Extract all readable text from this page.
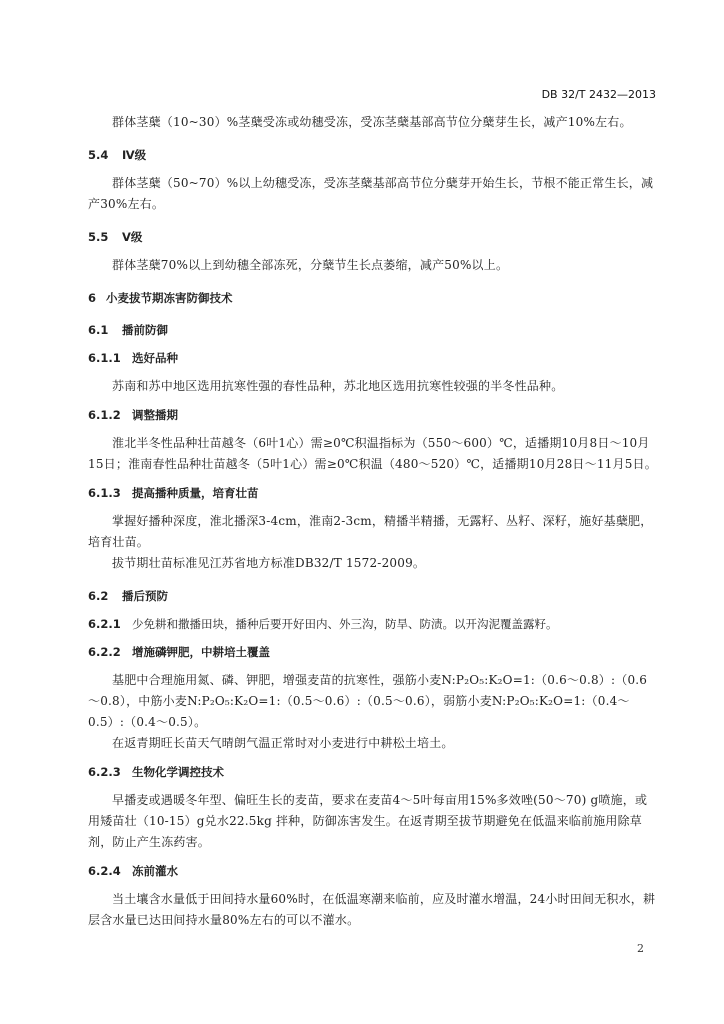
DB 32/T 2432—2013

群体茎蘖（10~30）%茎蘖受冻或幼穗受冻，受冻茎蘖基部高节位分蘖芽生长，减产10%左右。

5.4 Ⅳ级

群体茎蘖（50~70）%以上幼穗受冻，受冻茎蘖基部高节位分蘖芽开始生长，节根不能正常生长，减产30%左右。

5.5 Ⅴ级

群体茎蘖70%以上到幼穗全部冻死，分蘖节生长点萎缩，减产50%以上。

6 小麦拔节期冻害防御技术
6.1 播前防御
6.1.1 选好品种

苏南和苏中地区选用抗寒性强的春性品种，苏北地区选用抗寒性较强的半冬性品种。

6.1.2 调整播期

淮北半冬性品种壮苗越冬（6叶1心）需≥0℃积温指标为（550～600）℃，适播期10月8日～10月15日；淮南春性品种壮苗越冬（5叶1心）需≥0℃积温（480～520）℃，适播期10月28日～11月5日。

6.1.3 提高播种质量，培育壮苗

掌握好播种深度，淮北播深3-4cm，淮南2-3cm，精播半精播，无露籽、丛籽、深籽，施好基蘖肥，培育壮苗。

拔节期壮苗标准见江苏省地方标准DB32/T 1572-2009。

6.2 播后预防
6.2.1 少免耕和撒播田块，播种后要开好田内、外三沟，防旱、防渍。以开沟泥覆盖露籽。
6.2.2 增施磷钾肥，中耕培土覆盖

基肥中合理施用氮、磷、钾肥，增强麦苗的抗寒性，强筋小麦N:P₂O₅:K₂O=1:（0.6～0.8）:（0.6～0.8），中筋小麦N:P₂O₅:K₂O=1:（0.5～0.6）:（0.5～0.6），弱筋小麦N:P₂O₅:K₂O=1:（0.4～0.5）:（0.4～0.5）。

在返青期旺长苗天气晴朗气温正常时对小麦进行中耕松土培土。

6.2.3 生物化学调控技术

早播麦或遇暖冬年型、偏旺生长的麦苗，要求在麦苗4～5叶每亩用15%多效唑(50～70) g喷施，或用矮苗壮（10-15）g兑水22.5kg 拌种，防御冻害发生。在返青期至拔节期避免在低温来临前施用除草剂，防止产生冻药害。

6.2.4 冻前灌水

当土壤含水量低于田间持水量60%时，在低温寒潮来临前，应及时灌水增温，24小时田间无积水，耕层含水量已达田间持水量80%左右的可以不灌水。

2
